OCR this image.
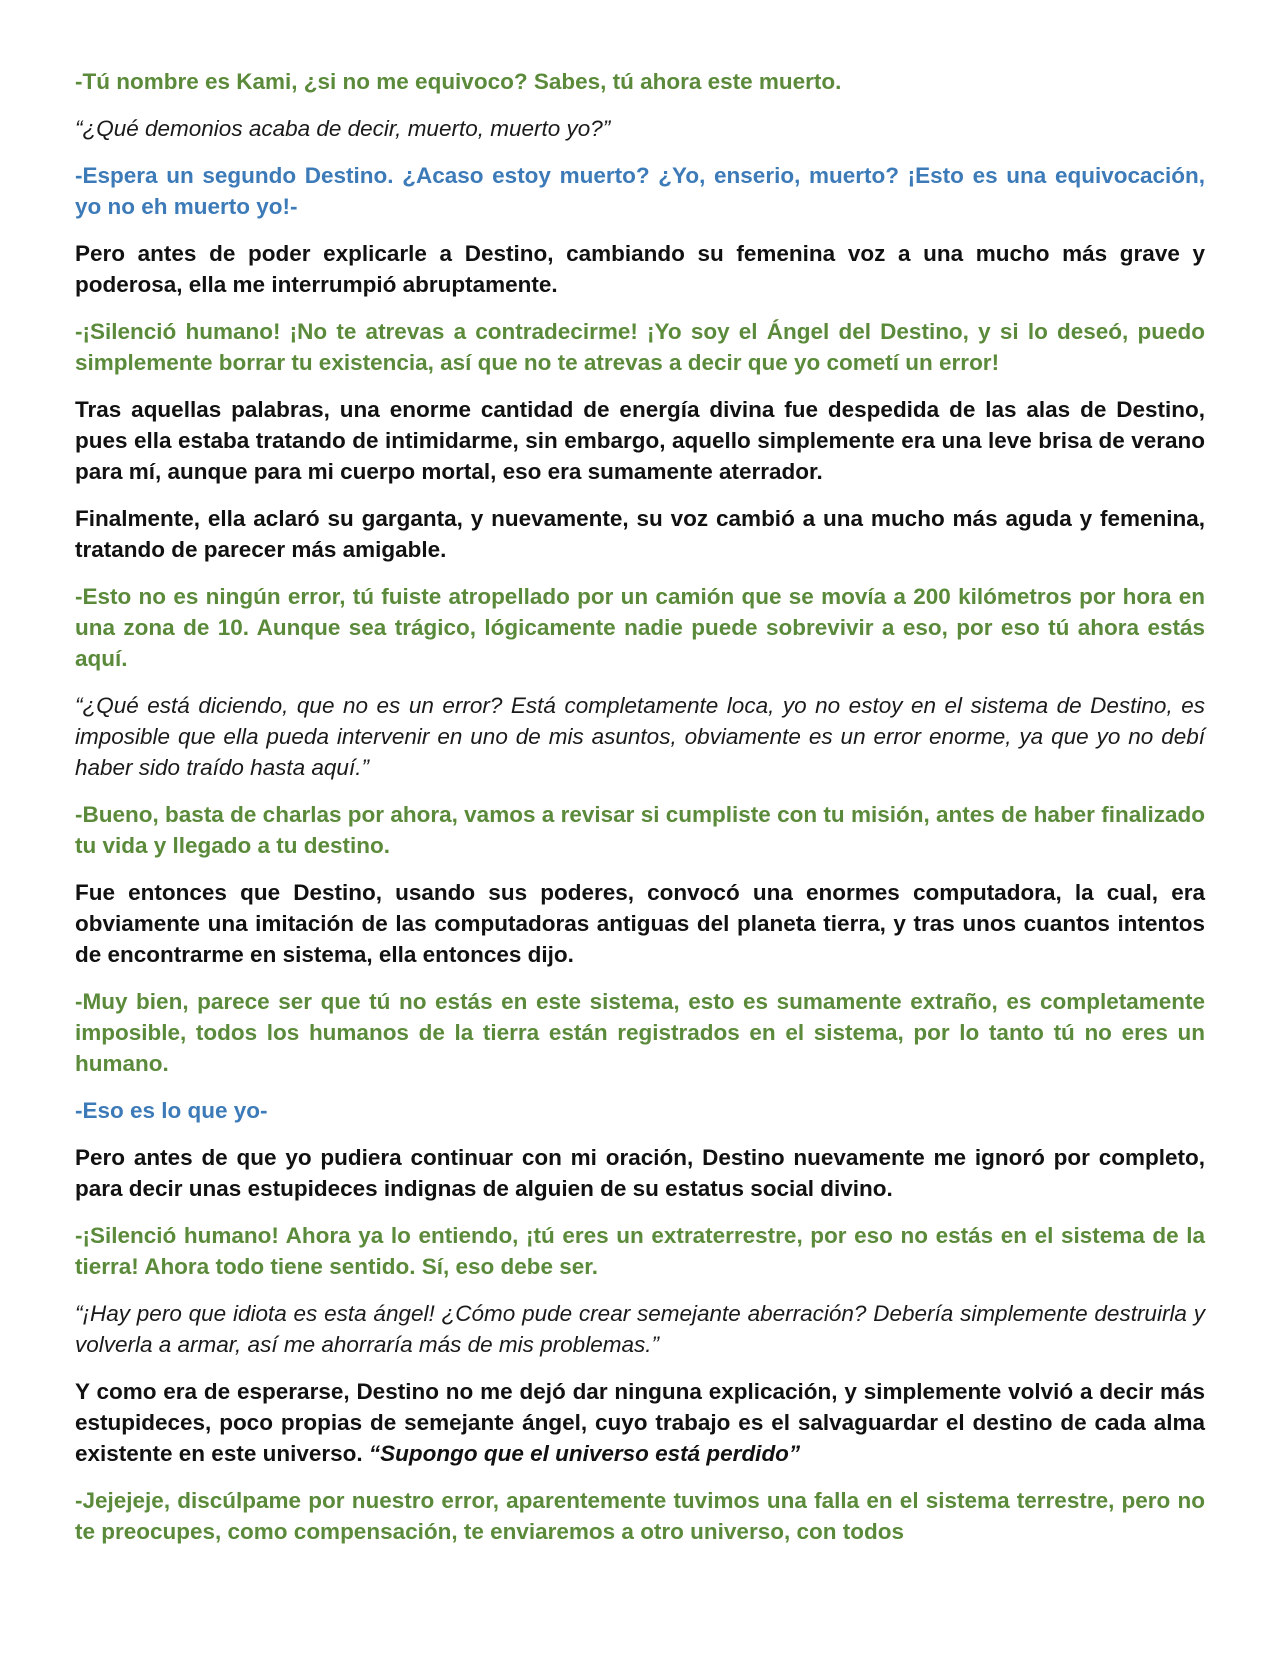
-Tú nombre es Kami, ¿si no me equivoco? Sabes, tú ahora este muerto.

“¿Qué demonios acaba de decir, muerto, muerto yo?”

-Espera un segundo Destino. ¿Acaso estoy muerto? ¿Yo, enserio, muerto? ¡Esto es una equivocación, yo no eh muerto yo!-

Pero antes de poder explicarle a Destino, cambiando su femenina voz a una mucho más grave y poderosa, ella me interrumpió abruptamente.

-¡Silenció humano! ¡No te atrevas a contradecirme! ¡Yo soy el Ángel del Destino, y si lo deseó, puedo simplemente borrar tu existencia, así que no te atrevas a decir que yo cometí un error!

Tras aquellas palabras, una enorme cantidad de energía divina fue despedida de las alas de Destino, pues ella estaba tratando de intimidarme, sin embargo, aquello simplemente era una leve brisa de verano para mí, aunque para mi cuerpo mortal, eso era sumamente aterrador.

Finalmente, ella aclaró su garganta, y nuevamente, su voz cambió a una mucho más aguda y femenina, tratando de parecer más amigable.

-Esto no es ningún error, tú fuiste atropellado por un camión que se movía a 200 kilómetros por hora en una zona de 10. Aunque sea trágico, lógicamente nadie puede sobrevivir a eso, por eso tú ahora estás aquí.

“¿Qué está diciendo, que no es un error? Está completamente loca, yo no estoy en el sistema de Destino, es imposible que ella pueda intervenir en uno de mis asuntos, obviamente es un error enorme, ya que yo no debí haber sido traído hasta aquí.”

-Bueno, basta de charlas por ahora, vamos a revisar si cumpliste con tu misión, antes de haber finalizado tu vida y llegado a tu destino.

Fue entonces que Destino, usando sus poderes, convocó una enormes computadora, la cual, era obviamente una imitación de las computadoras antiguas del planeta tierra, y tras unos cuantos intentos de encontrarme en sistema, ella entonces dijo.

-Muy bien, parece ser que tú no estás en este sistema, esto es sumamente extraño, es completamente imposible, todos los humanos de la tierra están registrados en el sistema, por lo tanto tú no eres un humano.

-Eso es lo que yo-

Pero antes de que yo pudiera continuar con mi oración, Destino nuevamente me ignoró por completo, para decir unas estupideces indignas de alguien de su estatus social divino.

-¡Silenció humano! Ahora ya lo entiendo, ¡tú eres un extraterrestre, por eso no estás en el sistema de la tierra! Ahora todo tiene sentido. Sí, eso debe ser.

“¡Hay pero que idiota es esta ángel! ¿Cómo pude crear semejante aberración? Debería simplemente destruirla y volverla a armar, así me ahorraría más de mis problemas.”

Y como era de esperarse, Destino no me dejó dar ninguna explicación, y simplemente volvió a decir más estupideces, poco propias de semejante ángel, cuyo trabajo es el salvaguardar el destino de cada alma existente en este universo. “Supongo que el universo está perdido”

-Jejejeje, discúlpame por nuestro error, aparentemente tuvimos una falla en el sistema terrestre, pero no te preocupes, como compensación, te enviaremos a otro universo, con todos
